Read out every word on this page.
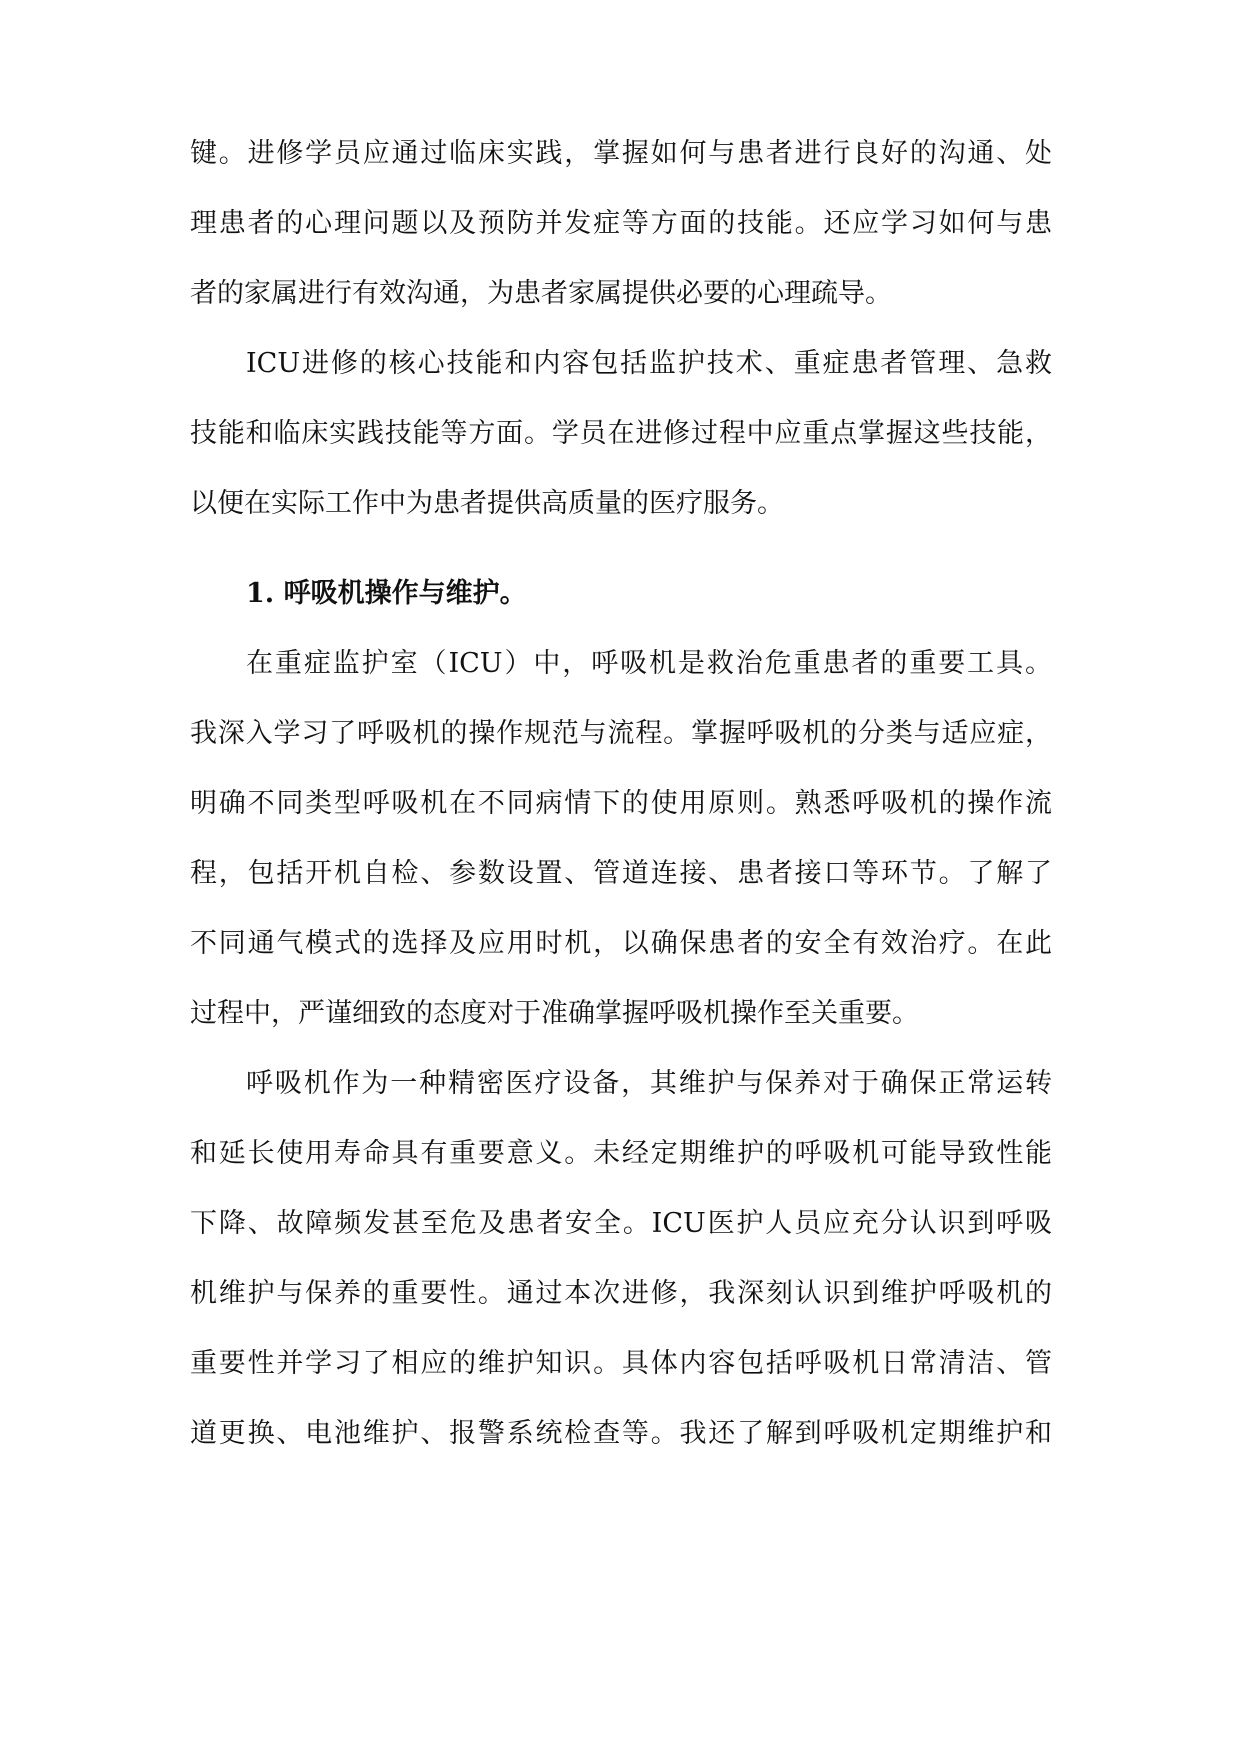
键。进修学员应通过临床实践，掌握如何与患者进行良好的沟通、处
理患者的心理问题以及预防并发症等方面的技能。还应学习如何与患
者的家属进行有效沟通，为患者家属提供必要的心理疏导。
ICU进修的核心技能和内容包括监护技术、重症患者管理、急救
技能和临床实践技能等方面。学员在进修过程中应重点掌握这些技能，
以便在实际工作中为患者提供高质量的医疗服务。
1. 呼吸机操作与维护。
在重症监护室（ICU）中，呼吸机是救治危重患者的重要工具。
我深入学习了呼吸机的操作规范与流程。掌握呼吸机的分类与适应症，
明确不同类型呼吸机在不同病情下的使用原则。熟悉呼吸机的操作流
程，包括开机自检、参数设置、管道连接、患者接口等环节。了解了
不同通气模式的选择及应用时机，以确保患者的安全有效治疗。在此
过程中，严谨细致的态度对于准确掌握呼吸机操作至关重要。
呼吸机作为一种精密医疗设备，其维护与保养对于确保正常运转
和延长使用寿命具有重要意义。未经定期维护的呼吸机可能导致性能
下降、故障频发甚至危及患者安全。ICU医护人员应充分认识到呼吸
机维护与保养的重要性。通过本次进修，我深刻认识到维护呼吸机的
重要性并学习了相应的维护知识。具体内容包括呼吸机日常清洁、管
道更换、电池维护、报警系统检查等。我还了解到呼吸机定期维护和
